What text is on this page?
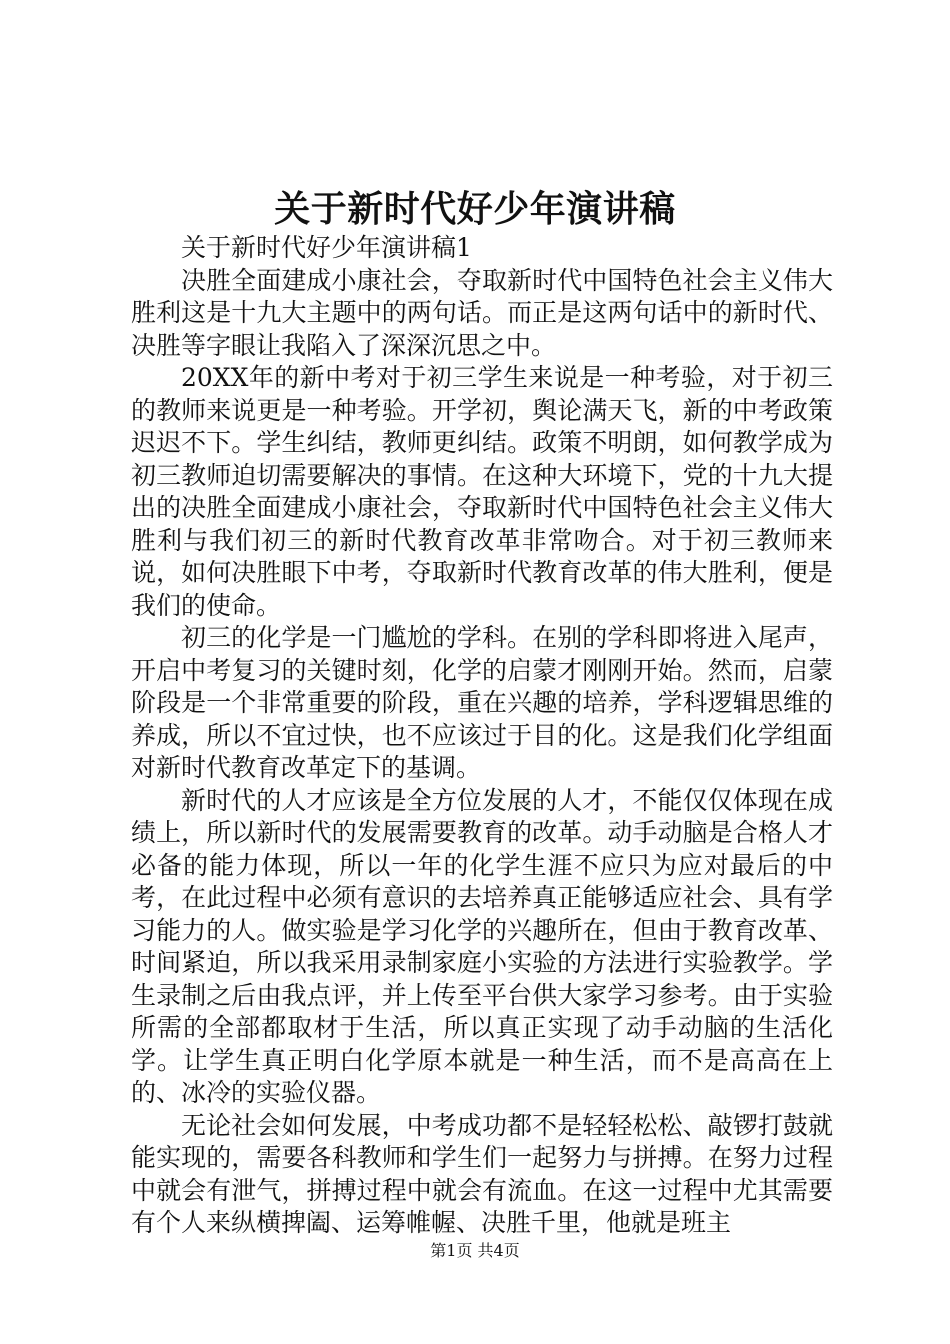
关于新时代好少年演讲稿

关于新时代好少年演讲稿1

决胜全面建成小康社会，夺取新时代中国特色社会主义伟大胜利这是十九大主题中的两句话。而正是这两句话中的新时代、决胜等字眼让我陷入了深深沉思之中。

20XX年的新中考对于初三学生来说是一种考验，对于初三的教师来说更是一种考验。开学初，舆论满天飞，新的中考政策迟迟不下。学生纠结，教师更纠结。政策不明朗，如何教学成为初三教师迫切需要解决的事情。在这种大环境下，党的十九大提出的决胜全面建成小康社会，夺取新时代中国特色社会主义伟大胜利与我们初三的新时代教育改革非常吻合。对于初三教师来说，如何决胜眼下中考，夺取新时代教育改革的伟大胜利，便是我们的使命。

初三的化学是一门尴尬的学科。在别的学科即将进入尾声，开启中考复习的关键时刻，化学的启蒙才刚刚开始。然而，启蒙阶段是一个非常重要的阶段，重在兴趣的培养，学科逻辑思维的养成，所以不宜过快，也不应该过于目的化。这是我们化学组面对新时代教育改革定下的基调。

新时代的人才应该是全方位发展的人才，不能仅仅体现在成绩上，所以新时代的发展需要教育的改革。动手动脑是合格人才必备的能力体现，所以一年的化学生涯不应只为应对最后的中考，在此过程中必须有意识的去培养真正能够适应社会、具有学习能力的人。做实验是学习化学的兴趣所在，但由于教育改革、时间紧迫，所以我采用录制家庭小实验的方法进行实验教学。学生录制之后由我点评，并上传至平台供大家学习参考。由于实验所需的全部都取材于生活，所以真正实现了动手动脑的生活化学。让学生真正明白化学原本就是一种生活，而不是高高在上的、冰冷的实验仪器。

无论社会如何发展，中考成功都不是轻轻松松、敲锣打鼓就能实现的，需要各科教师和学生们一起努力与拼搏。在努力过程中就会有泄气，拼搏过程中就会有流血。在这一过程中尤其需要有个人来纵横捭阖、运筹帷幄、决胜千里，他就是班主

第1页 共4页
